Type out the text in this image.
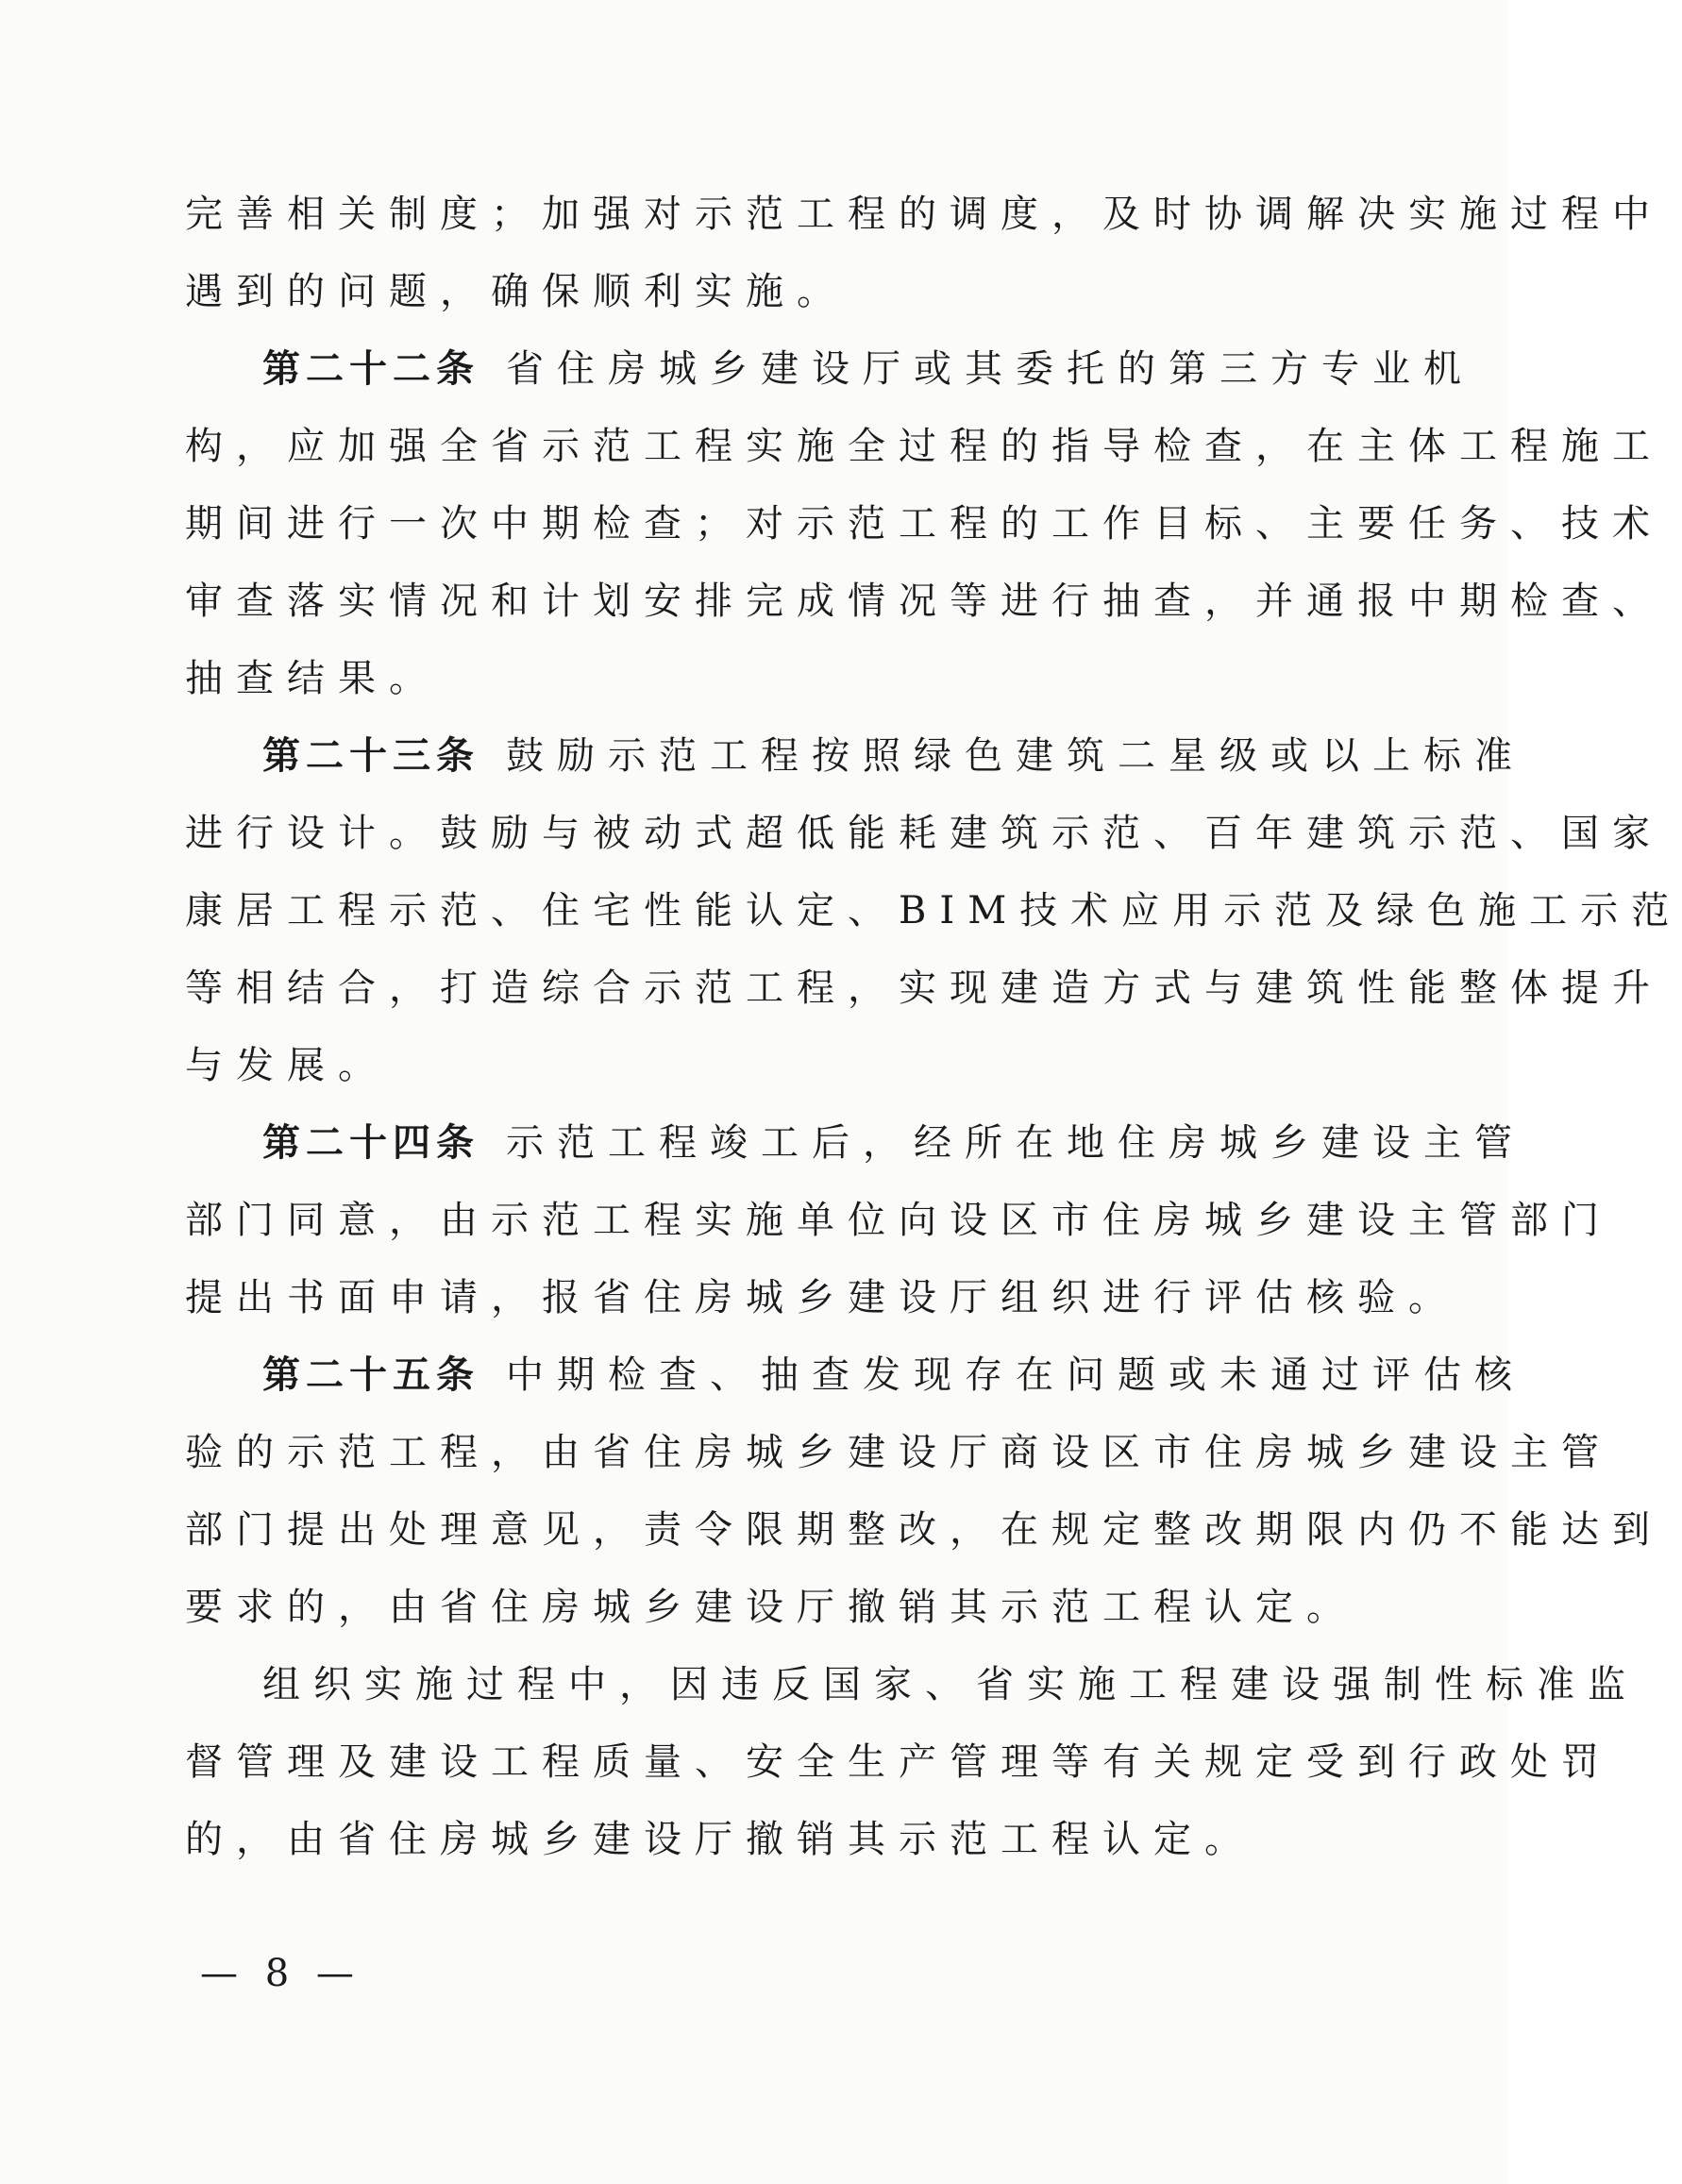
完善相关制度；加强对示范工程的调度，及时协调解决实施过程中
遇到的问题，确保顺利实施。
第二十二条 省住房城乡建设厅或其委托的第三方专业机
构，应加强全省示范工程实施全过程的指导检查，在主体工程施工
期间进行一次中期检查；对示范工程的工作目标、主要任务、技术
审查落实情况和计划安排完成情况等进行抽查，并通报中期检查、
抽查结果。
第二十三条 鼓励示范工程按照绿色建筑二星级或以上标准
进行设计。鼓励与被动式超低能耗建筑示范、百年建筑示范、国家
康居工程示范、住宅性能认定、BIM技术应用示范及绿色施工示范
等相结合，打造综合示范工程，实现建造方式与建筑性能整体提升
与发展。
第二十四条 示范工程竣工后，经所在地住房城乡建设主管
部门同意，由示范工程实施单位向设区市住房城乡建设主管部门
提出书面申请，报省住房城乡建设厅组织进行评估核验。
第二十五条 中期检查、抽查发现存在问题或未通过评估核
验的示范工程，由省住房城乡建设厅商设区市住房城乡建设主管
部门提出处理意见，责令限期整改，在规定整改期限内仍不能达到
要求的，由省住房城乡建设厅撤销其示范工程认定。
组织实施过程中，因违反国家、省实施工程建设强制性标准监
督管理及建设工程质量、安全生产管理等有关规定受到行政处罚
的，由省住房城乡建设厅撤销其示范工程认定。
— 8 —
